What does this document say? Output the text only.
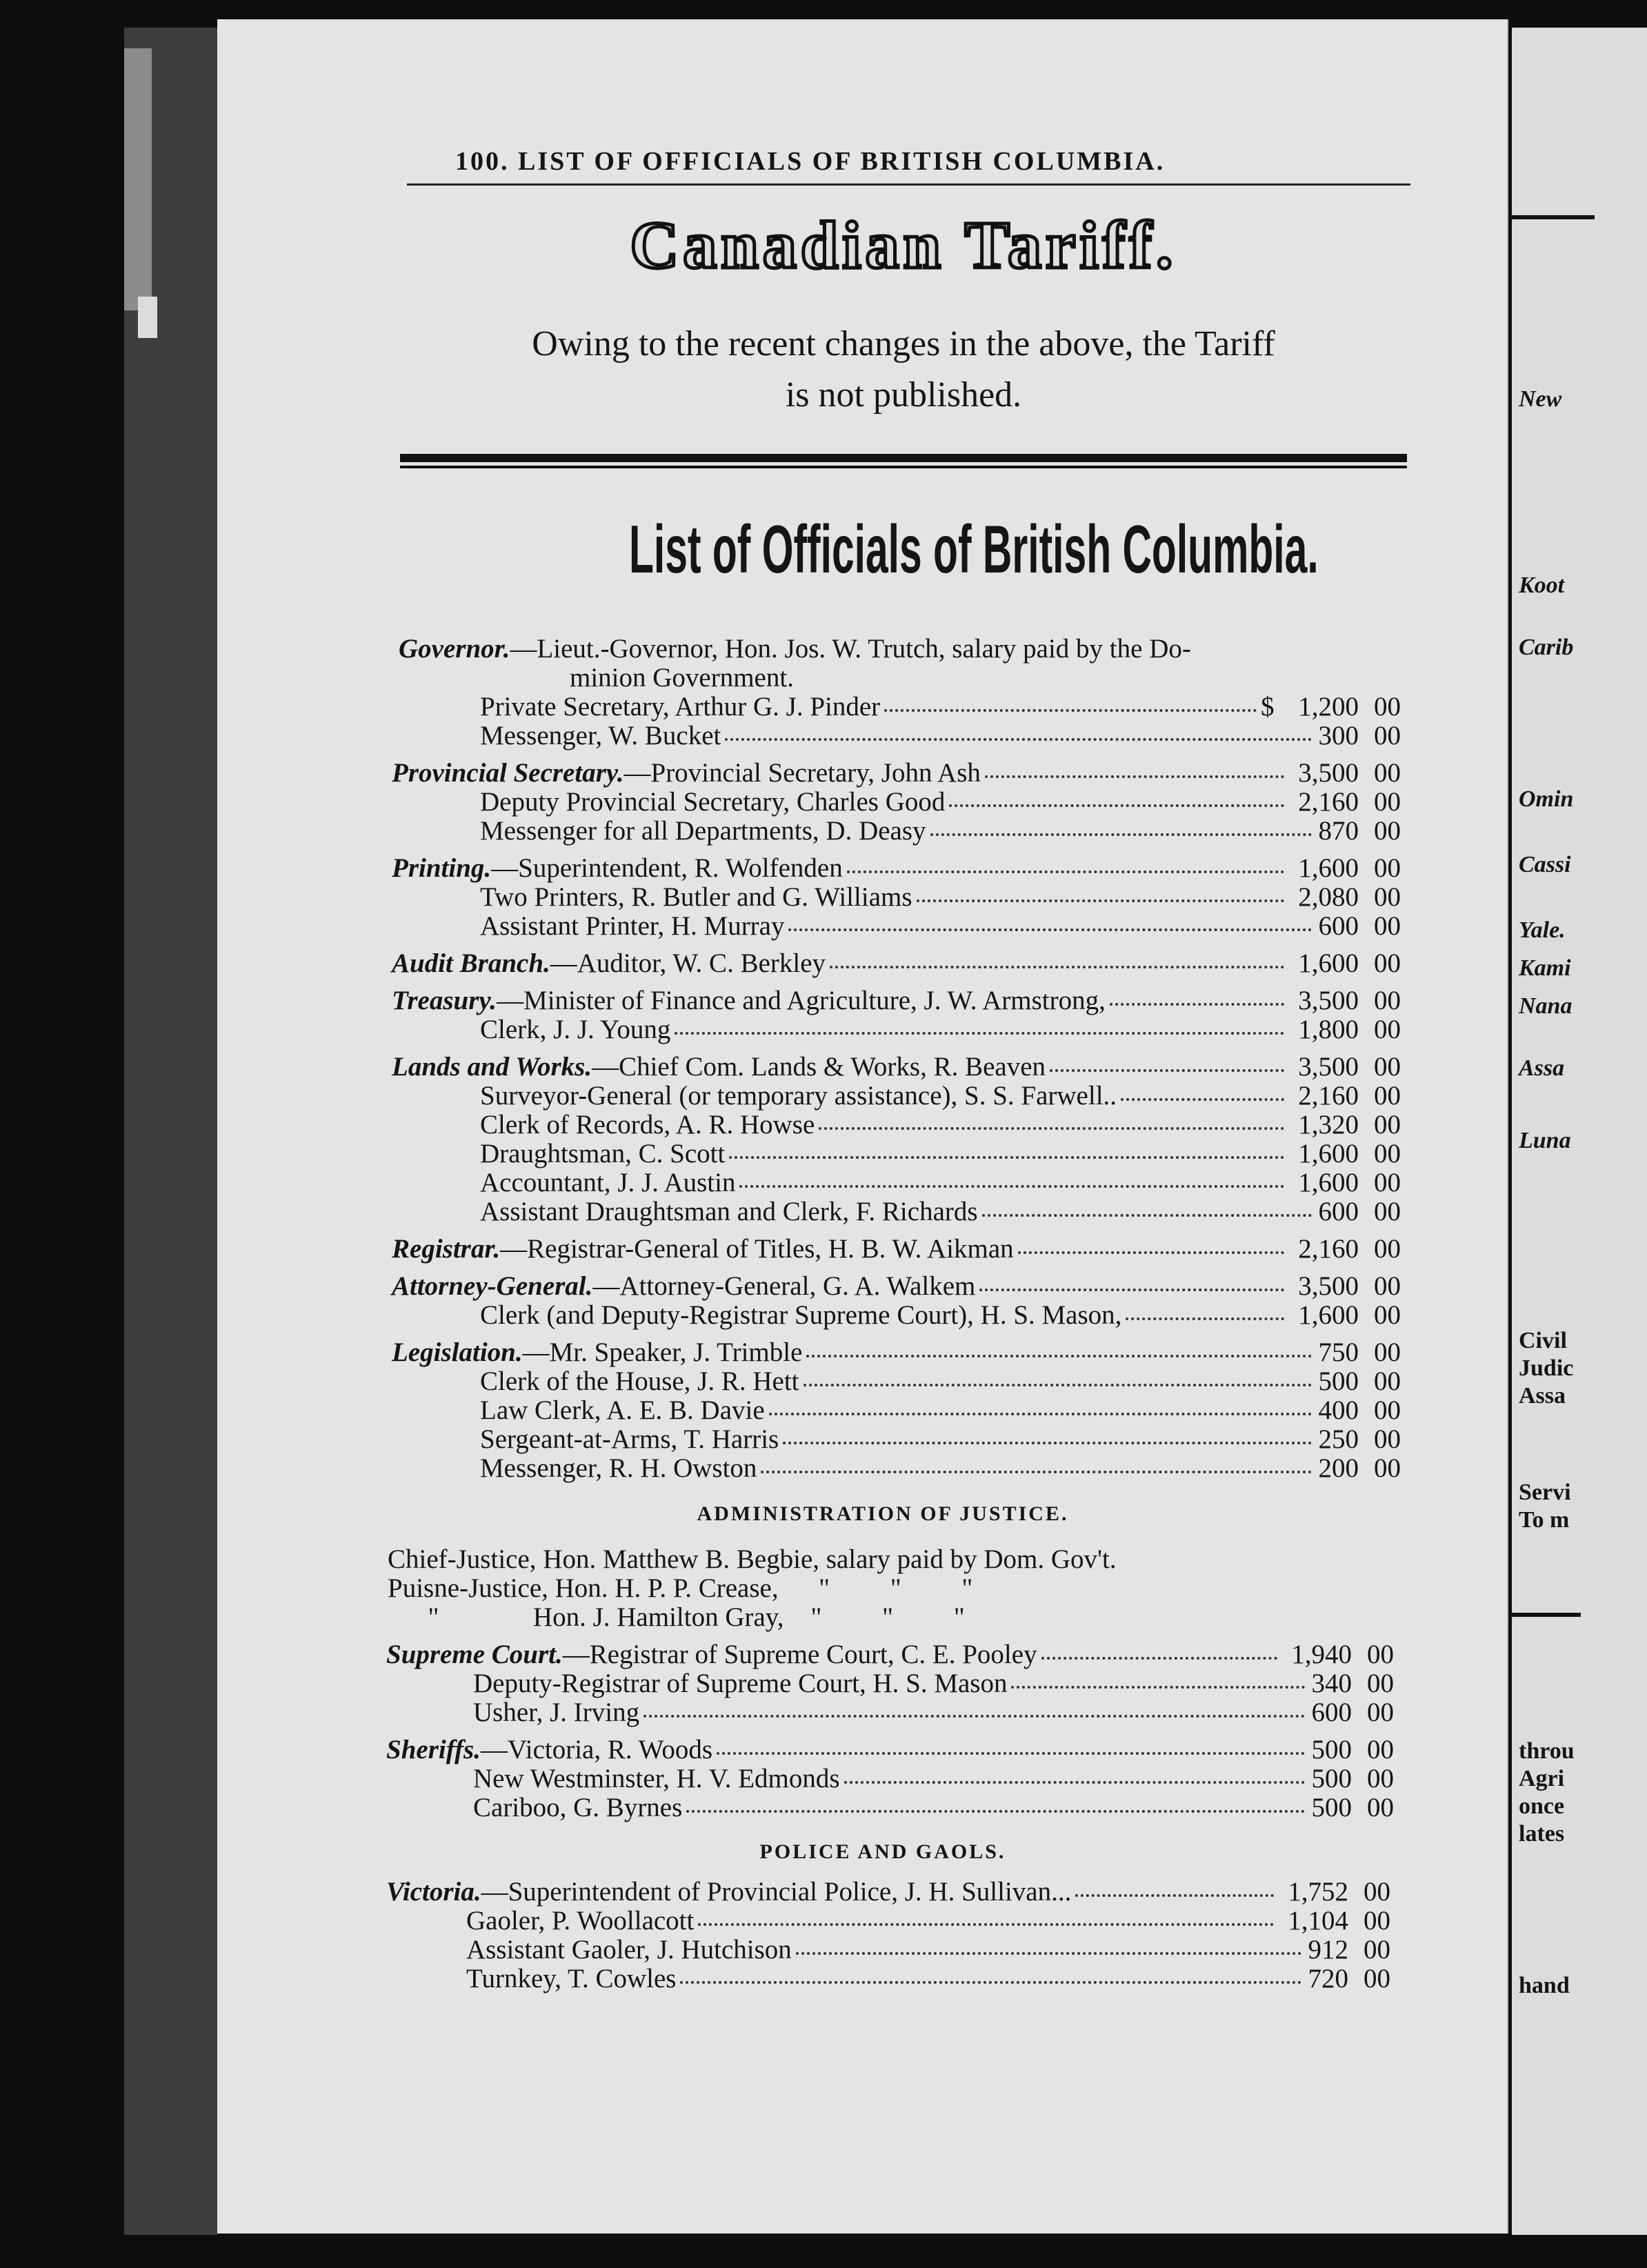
New
Koot
Carib
Omin
Cassi
Yale.
Kami
Nana
Assa
Luna
Civil
Judic
Assa
Servi
To m
throu
Agri
once
lates
hand
100. LIST OF OFFICIALS OF BRITISH COLUMBIA.
Canadian Tariff.
Owing to the recent changes in the above, the Tariff
is not published.
List of Officials of British Columbia.
Governor.—Lieut.-Governor, Hon. Jos. W. Trutch, salary paid by the Do-
minion Government.
Private Secretary, Arthur G. J. Pinder	1,200 00
$
Messenger, W. Bucket	300 00
Provincial Secretary.—Provincial Secretary, John Ash	3,500 00
Deputy Provincial Secretary, Charles Good	2,160 00
Messenger for all Departments, D. Deasy	870 00
Printing.—Superintendent, R. Wolfenden	1,600 00
Two Printers, R. Butler and G. Williams	2,080 00
Assistant Printer, H. Murray	600 00
Audit Branch.—Auditor, W. C. Berkley	1,600 00
Treasury.—Minister of Finance and Agriculture, J. W. Armstrong,	3,500 00
Clerk, J. J. Young	1,800 00
Lands and Works.—Chief Com. Lands & Works, R. Beaven	3,500 00
Surveyor-General (or temporary assistance), S. S. Farwell..	2,160 00
Clerk of Records, A. R. Howse	1,320 00
Draughtsman, C. Scott	1,600 00
Accountant, J. J. Austin	1,600 00
Assistant Draughtsman and Clerk, F. Richards	600 00
Registrar.—Registrar-General of Titles, H. B. W. Aikman	2,160 00
Attorney-General.—Attorney-General, G. A. Walkem	3,500 00
Clerk (and Deputy-Registrar Supreme Court), H. S. Mason,	1,600 00
Legislation.—Mr. Speaker, J. Trimble	750 00
Clerk of the House, J. R. Hett	500 00
Law Clerk, A. E. B. Davie	400 00
Sergeant-at-Arms, T. Harris	250 00
Messenger, R. H. Owston	200 00
ADMINISTRATION OF JUSTICE.
Chief-Justice, Hon. Matthew B. Begbie, salary paid by Dom. Gov't.
Puisne-Justice, Hon. H. P. P. Crease,      "         "         "
"              Hon. J. Hamilton Gray,    "         "         "
Supreme Court.—Registrar of Supreme Court, C. E. Pooley	1,940 00
Deputy-Registrar of Supreme Court, H. S. Mason	340 00
Usher, J. Irving	600 00
Sheriffs.—Victoria, R. Woods	500 00
New Westminster, H. V. Edmonds	500 00
Cariboo, G. Byrnes	500 00
POLICE AND GAOLS.
Victoria.—Superintendent of Provincial Police, J. H. Sullivan...	1,752 00
Gaoler, P. Woollacott	1,104 00
Assistant Gaoler, J. Hutchison	912 00
Turnkey, T. Cowles	720 00
